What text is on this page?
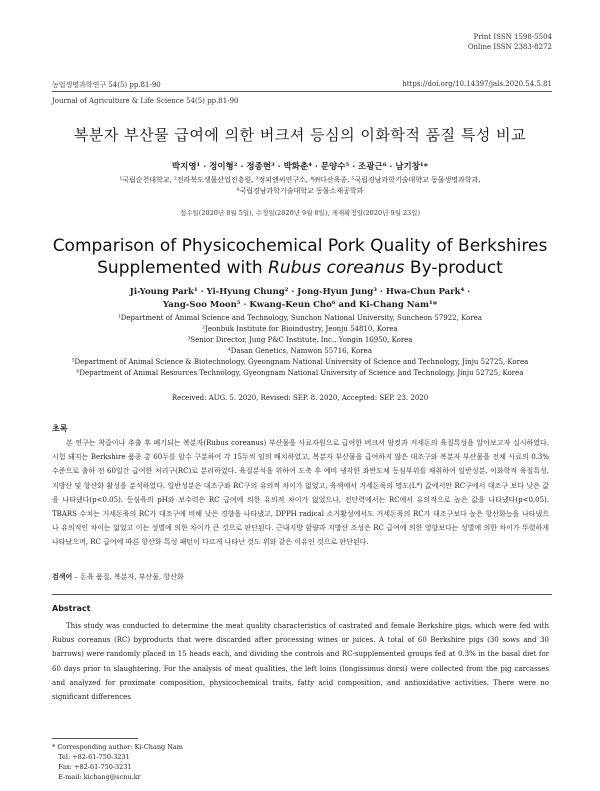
Print ISSN 1598-5504
Online ISSN 2383-8272
농업생명과학연구 54(5) pp.81-90	https://doi.org/10.14397/jals.2020.54.5.81
Journal of Agriculture & Life Science 54(5) pp.81-90
복분자 부산물 급여에 의한 버크셔 등심의 이화학적 품질 특성 비교
박지영¹ · 정이형² · 정종현³ · 박화춘⁴ · 문양수⁵ · 조광근⁶ · 남기창¹*
¹국립순천대학교, ²전라북도생물산업진흥원, ³정피앤씨연구소, ⁴㈜다산육종, ⁵국립경남과학기술대학교 동물생명과학과,
⁶국립경남과학기술대학교 동물소재공학과
접수일(2020년 8월 5일), 수정일(2020년 9월 8일), 게재확정일(2020년 9월 23일)
Comparison of Physicochemical Pork Quality of Berkshires
Supplemented with Rubus coreanus By-product
Ji-Young Park¹ · Yi-Hyung Chung² · Jong-Hyun Jung³ · Hwa-Chun Park⁴ ·
Yang-Soo Moon⁵ · Kwang-Keun Cho⁶ and Ki-Chang Nam¹*
¹Department of Animal Science and Technology, Sunchon National University, Suncheon 57922, Korea
²Jeonbuk Institute for Bioindustry, Jeonju 54810, Korea
³Senior Director, Jung P&C Institute, Inc., Yongin 16950, Korea
⁴Dasan Genetics, Namwon 55716, Korea
⁵Department of Animal Science & Biotechnology, Gyeongnam National University of Science and Technology, Jinju 52725, Korea
⁶Department of Animal Resources Technology, Gyeongnam National University of Science and Technology, Jinju 52725, Korea
Received: AUG. 5. 2020, Revised: SEP. 8. 2020, Accepted: SEP. 23. 2020
초록

본 연구는 착즙이나 추출 후 폐기되는 복분자(Rubus coreanus) 부산물을 사료자원으로 급여한 버크셔 암컷과 거세돈의 육질특성을 알아보고자 실시하였다. 시험 돼지는 Berkshire 품종 총 60두를 암수 구분하여 각 15두씩 임의 배치하였고, 복분자 부산물을 급여하지 않은 대조구와 복분자 부산물을 전체 사료의 0.3% 수준으로 출하 전 60일간 급여한 처리구(RC)로 분리하였다. 육질분석을 위하여 도축 후 예비 냉각한 좌반도체 등심부위를 채취하여 일반성분, 이화학적 육질특성, 지방산 및 항산화 활성을 분석하였다. 일반성분은 대조구와 RC구의 유의적 차이가 없었고, 육색에서 거세돈육의 명도(L*) 값에서만 RC구에서 대조구 보다 낮은 값을 나타냈다(p<0.05). 등심육의 pH와 보수력은 RC 급여에 의한 유의적 차이가 없었으나, 전단력에서는 RC에서 유의적으로 높은 값을 나타냈다(p<0.05). TBARS 수치는 거세돈육의 RC가 대조구에 비해 낮은 경향을 나타냈고, DPPH radical 소거활성에서도 거세돈육의 RC가 대조구보다 높은 항산화능을 나타냈으나 유의적인 차이는 없었고 이는 성별에 의한 차이가 큰 것으로 판단된다. 근내지방 함량과 지방산 조성은 RC 급여에 의한 영향보다는 성별에 의한 차이가 뚜렷하게 나타났으며, RC 급여에 따른 항산화 특성 패턴이 다르게 나타난 것도 위와 같은 이유인 것으로 판단된다.

검색어 – 돈육 품질, 복분자, 부산물, 항산화
Abstract

This study was conducted to determine the meat quality characteristics of castrated and female Berkshire pigs, which were fed with Rubus coreanus (RC) byproducts that were discarded after processing wines or juices. A total of 60 Berkshire pigs (30 sows and 30 barrows) were randomly placed in 15 heads each, and dividing the controls and RC-supplemented groups fed at 0.3% in the basal diet for 60 days prior to slaughtering. For the analysis of meat qualities, the left loins (longissimus dorsi) were collected from the pig carcasses and analyzed for proximate composition, physicochemical traits, fatty acid composition, and antioxidative activities. There were no significant differences

* Corresponding author: Ki-Chang Nam
Tel: +82-61-750-3231
Fax: +82-61-750-3231
E-mail: kichang@scnu.kr
